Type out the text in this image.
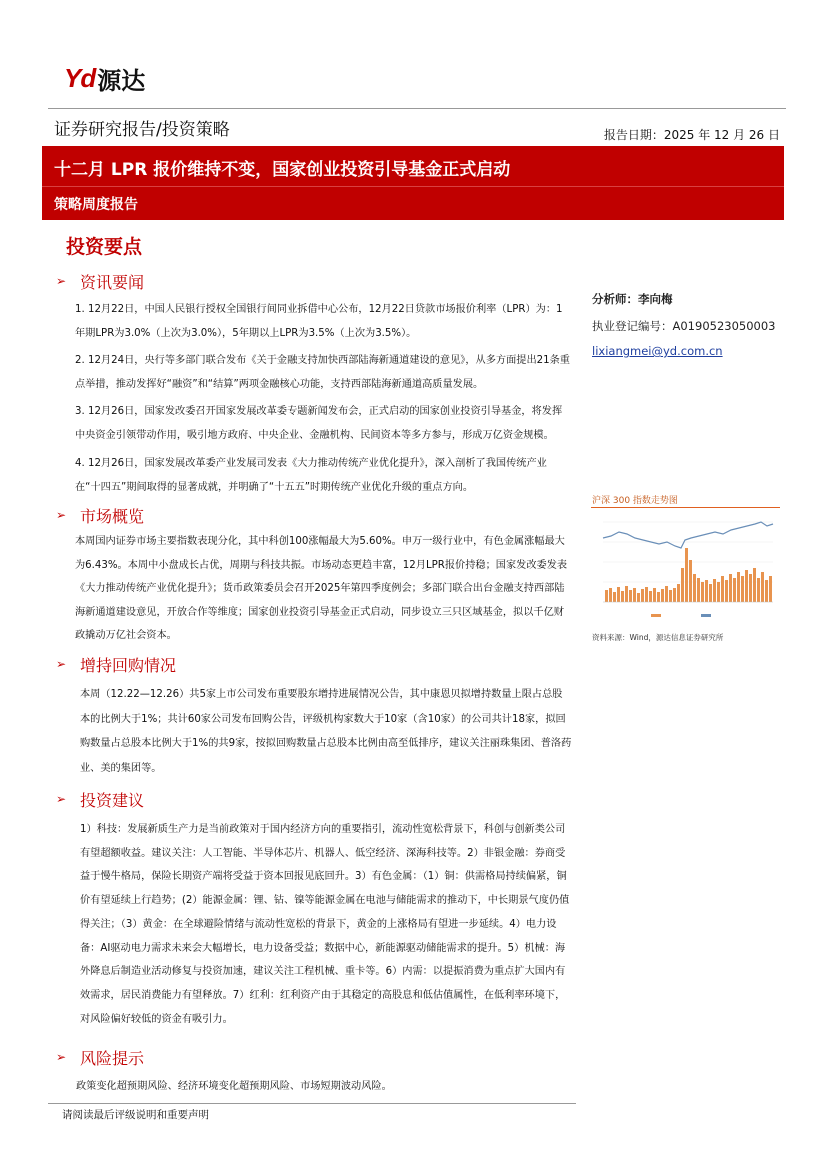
Yd 源达
证券研究报告/投资策略	报告日期：2025 年 12 月 26 日
十二月 LPR 报价维持不变，国家创业投资引导基金正式启动
策略周度报告
投资要点
➢ 资讯要闻
1. 12月22日，中国人民银行授权全国银行间同业拆借中心公布，12月22日贷款市场报价利率（LPR）为：1年期LPR为3.0%（上次为3.0%），5年期以上LPR为3.5%（上次为3.5%）。
2. 12月24日，央行等多部门联合发布《关于金融支持加快西部陆海新通道建设的意见》，从多方面提出21条重点举措，推动发挥好“融资”和“结算”两项金融核心功能，支持西部陆海新通道高质量发展。
3. 12月26日，国家发改委召开国家发展改革委专题新闻发布会，正式启动的国家创业投资引导基金，将发挥中央资金引领带动作用，吸引地方政府、中央企业、金融机构、民间资本等多方参与，形成万亿资金规模。
4. 12月26日，国家发展改革委产业发展司发表《大力推动传统产业优化提升》，深入剖析了我国传统产业在“十四五”期间取得的显著成就，并明确了“十五五”时期传统产业优化升级的重点方向。
➢ 市场概览
本周国内证券市场主要指数表现分化，其中科创100涨幅最大为5.60%。申万一级行业中，有色金属涨幅最大为6.43%。本周中小盘成长占优，周期与科技共振。市场动态更趋丰富，12月LPR报价持稳；国家发改委发表《大力推动传统产业优化提升》；货币政策委员会召开2025年第四季度例会；多部门联合出台金融支持西部陆海新通道建设意见，开放合作等维度；国家创业投资引导基金正式启动，同步设立三只区域基金，拟以千亿财政撬动万亿社会资本。
➢ 增持回购情况
本周（12.22—12.26）共5家上市公司发布重要股东增持进展情况公告，其中康恩贝拟增持数量上限占总股本的比例大于1%；共计60家公司发布回购公告，评级机构家数大于10家（含10家）的公司共计18家，拟回购数量占总股本比例大于1%的共9家，按拟回购数量占总股本比例由高至低排序，建议关注丽珠集团、普洛药业、美的集团等。
➢ 投资建议
1）科技：发展新质生产力是当前政策对于国内经济方向的重要指引，流动性宽松背景下，科创与创新类公司有望超额收益。建议关注：人工智能、半导体芯片、机器人、低空经济、深海科技等。2）非银金融：券商受益于慢牛格局，保险长期资产端将受益于资本回报见底回升。3）有色金属：（1）铜：供需格局持续偏紧，铜价有望延续上行趋势；(2）能源金属：锂、钴、镍等能源金属在电池与储能需求的推动下，中长期景气度仍值得关注；（3）黄金：在全球避险情绪与流动性宽松的背景下，黄金的上涨格局有望进一步延续。4）电力设备：AI驱动电力需求未来会大幅增长，电力设备受益；数据中心，新能源驱动储能需求的提升。5）机械：海外降息后制造业活动修复与投资加速，建议关注工程机械、重卡等。6）内需：以提振消费为重点扩大国内有效需求，居民消费能力有望释放。7）红利：红利资产由于其稳定的高股息和低估值属性，在低利率环境下，对风险偏好较低的资金有吸引力。
➢ 风险提示
政策变化超预期风险、经济环境变化超预期风险、市场短期波动风险。
分析师：李向梅
执业登记编号：A0190523050003
lixiangmei@yd.com.cn
沪深 300 指数走势图
资料来源：Wind，源达信息证券研究所
请阅读最后评级说明和重要声明
